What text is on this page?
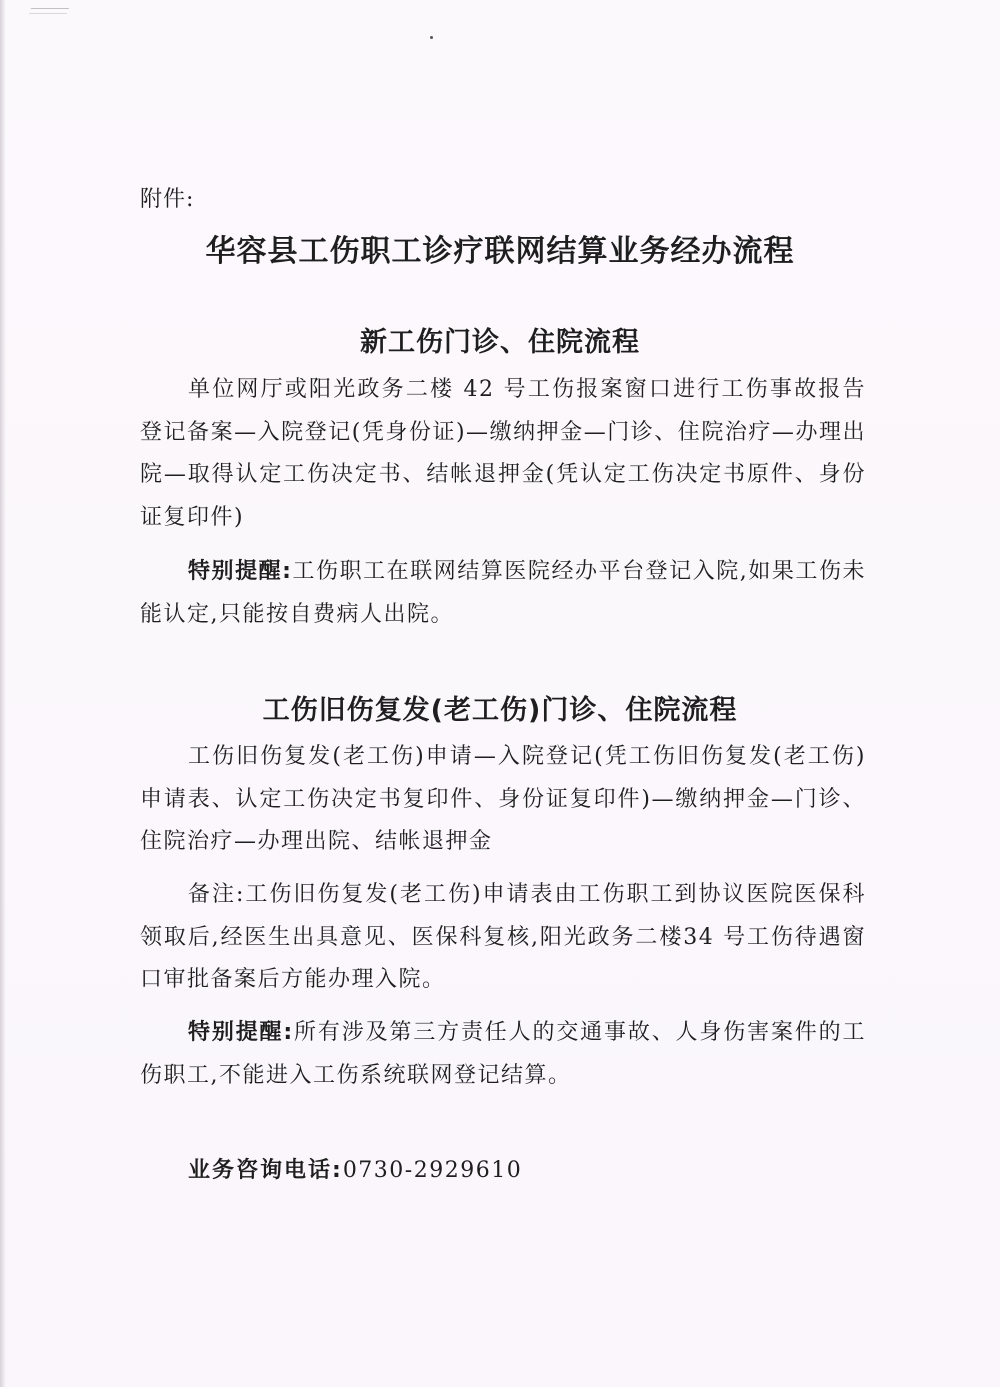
附件:
华容县工伤职工诊疗联网结算业务经办流程
新工伤门诊、住院流程

单位网厅或阳光政务二楼 42 号工伤报案窗口进行工伤事故报告登记备案—入院登记(凭身份证)—缴纳押金—门诊、住院治疗—办理出院—取得认定工伤决定书、结帐退押金(凭认定工伤决定书原件、身份证复印件)

特别提醒:工伤职工在联网结算医院经办平台登记入院,如果工伤未能认定,只能按自费病人出院。

工伤旧伤复发(老工伤)门诊、住院流程

工伤旧伤复发(老工伤)申请—入院登记(凭工伤旧伤复发(老工伤)申请表、认定工伤决定书复印件、身份证复印件)—缴纳押金—门诊、住院治疗—办理出院、结帐退押金

备注:工伤旧伤复发(老工伤)申请表由工伤职工到协议医院医保科领取后,经医生出具意见、医保科复核,阳光政务二楼34 号工伤待遇窗口审批备案后方能办理入院。

特别提醒:所有涉及第三方责任人的交通事故、人身伤害案件的工伤职工,不能进入工伤系统联网登记结算。

业务咨询电话:0730-2929610
